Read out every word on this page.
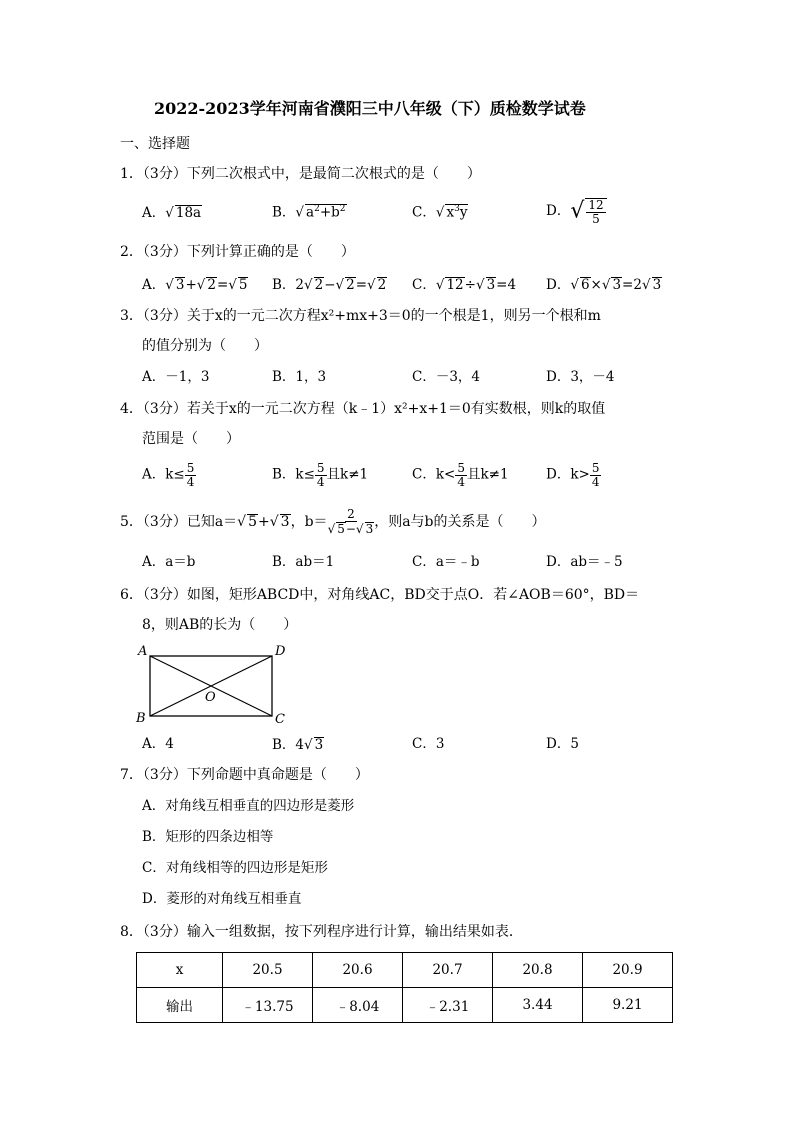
2022-2023学年河南省濮阳三中八年级（下）质检数学试卷
一、选择题
1．（3分）下列二次根式中，是最简二次根式的是（　　）
A．√ 18a	B．√ $a^2+b^2$	C．√ $x^3y$	D．√ $\frac{12}{5}$
2．（3分）下列计算正确的是（　　）
A．√ 3+√ 2=√ 5 B．2√ 2−√ 2=√ 2 C．√ 12÷√ 3=4 D．√ 6×√ 3=2√ 3
3．（3分）关于x的一元二次方程x²+mx+3＝0的一个根是1，则另一个根和m
的值分别为（　　）
A．－1，3	B．1，3	C．－3，4	D．3，－4
4．（3分）若关于x的一元二次方程（k﹣1）x²+x+1＝0有实数根，则k的取值
范围是（　　）
A．$k\le \frac{5}{4}$	B．$k\le \frac{5}{4}$ 且k≠1	C．$k< \frac{5}{4}$ 且k≠1	D．$k> \frac{5}{4}$
5．（3分）已知a＝√ 5+√ 3，$b= \frac{2}{√ 5-√ 3}$ ，则a与b的关系是（　　）
A．a＝b	B．ab＝1	C．a＝﹣b	D．ab＝﹣5
6．（3分）如图，矩形ABCD中，对角线AC，BD交于点O．若∠AOB＝60°，BD＝
8，则AB的长为（　　）
A	D
B	C
O
A．4	B．4√ 3	C．3	D．5
7．（3分）下列命题中真命题是（　　）
A．对角线互相垂直的四边形是菱形
B．矩形的四条边相等
C．对角线相等的四边形是矩形
D．菱形的对角线互相垂直
8．（3分）输入一组数据，按下列程序进行计算，输出结果如表．
x	20.5	20.6	20.7	20.8	20.9
输出	﹣13.75	﹣8.04	﹣2.31	3.44	9.21
